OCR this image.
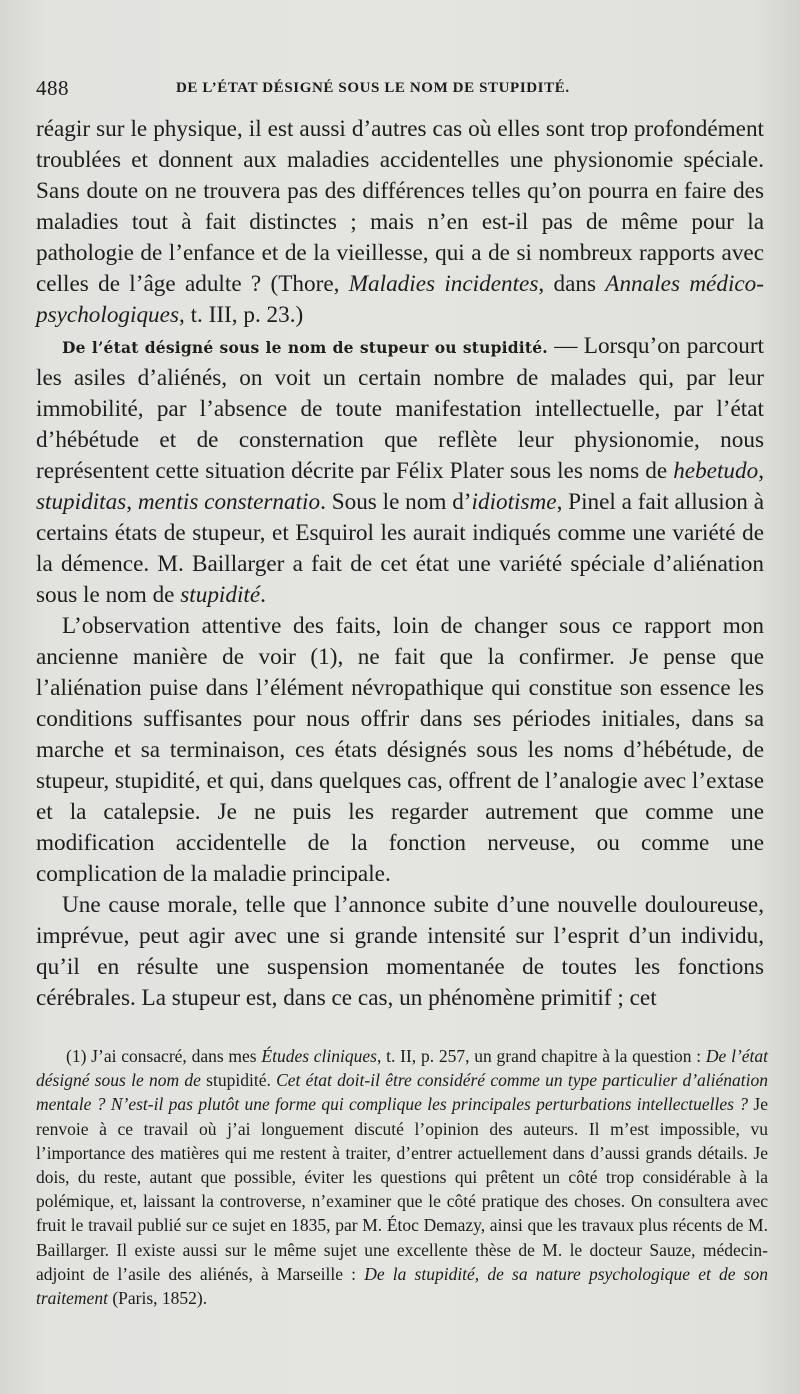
488	DE L’ÉTAT DÉSIGNÉ SOUS LE NOM DE STUPIDITÉ.

réagir sur le physique, il est aussi d’autres cas où elles sont trop profondément troublées et donnent aux maladies accidentelles une physionomie spéciale. Sans doute on ne trouvera pas des différences telles qu’on pourra en faire des maladies tout à fait distinctes ; mais n’en est-il pas de même pour la pathologie de l’enfance et de la vieillesse, qui a de si nombreux rapports avec celles de l’âge adulte ? (Thore, Maladies incidentes, dans Annales médico-psychologiques, t. III, p. 23.)

De l’état désigné sous le nom de stupeur ou stupidité. — Lorsqu’on parcourt les asiles d’aliénés, on voit un certain nombre de malades qui, par leur immobilité, par l’absence de toute manifestation intellectuelle, par l’état d’hébétude et de consternation que reflète leur physionomie, nous représentent cette situation décrite par Félix Plater sous les noms de hebetudo, stupiditas, mentis consternatio. Sous le nom d’idiotisme, Pinel a fait allusion à certains états de stupeur, et Esquirol les aurait indiqués comme une variété de la démence. M. Baillarger a fait de cet état une variété spéciale d’aliénation sous le nom de stupidité.

L’observation attentive des faits, loin de changer sous ce rapport mon ancienne manière de voir (1), ne fait que la confirmer. Je pense que l’aliénation puise dans l’élément névropathique qui constitue son essence les conditions suffisantes pour nous offrir dans ses périodes initiales, dans sa marche et sa terminaison, ces états désignés sous les noms d’hébétude, de stupeur, stupidité, et qui, dans quelques cas, offrent de l’analogie avec l’extase et la catalepsie. Je ne puis les regarder autrement que comme une modification accidentelle de la fonction nerveuse, ou comme une complication de la maladie principale.

Une cause morale, telle que l’annonce subite d’une nouvelle douloureuse, imprévue, peut agir avec une si grande intensité sur l’esprit d’un individu, qu’il en résulte une suspension momentanée de toutes les fonctions cérébrales. La stupeur est, dans ce cas, un phénomène primitif ; cet

(1) J’ai consacré, dans mes Études cliniques, t. II, p. 257, un grand chapitre à la question : De l’état désigné sous le nom de stupidité. Cet état doit-il être considéré comme un type particulier d’aliénation mentale ? N’est-il pas plutôt une forme qui complique les principales perturbations intellectuelles ? Je renvoie à ce travail où j’ai longuement discuté l’opinion des auteurs. Il m’est impossible, vu l’importance des matières qui me restent à traiter, d’entrer actuellement dans d’aussi grands détails. Je dois, du reste, autant que possible, éviter les questions qui prêtent un côté trop considérable à la polémique, et, laissant la controverse, n’examiner que le côté pratique des choses. On consultera avec fruit le travail publié sur ce sujet en 1835, par M. Étoc Demazy, ainsi que les travaux plus récents de M. Baillarger. Il existe aussi sur le même sujet une excellente thèse de M. le docteur Sauze, médecin-adjoint de l’asile des aliénés, à Marseille : De la stupidité, de sa nature psychologique et de son traitement (Paris, 1852).
